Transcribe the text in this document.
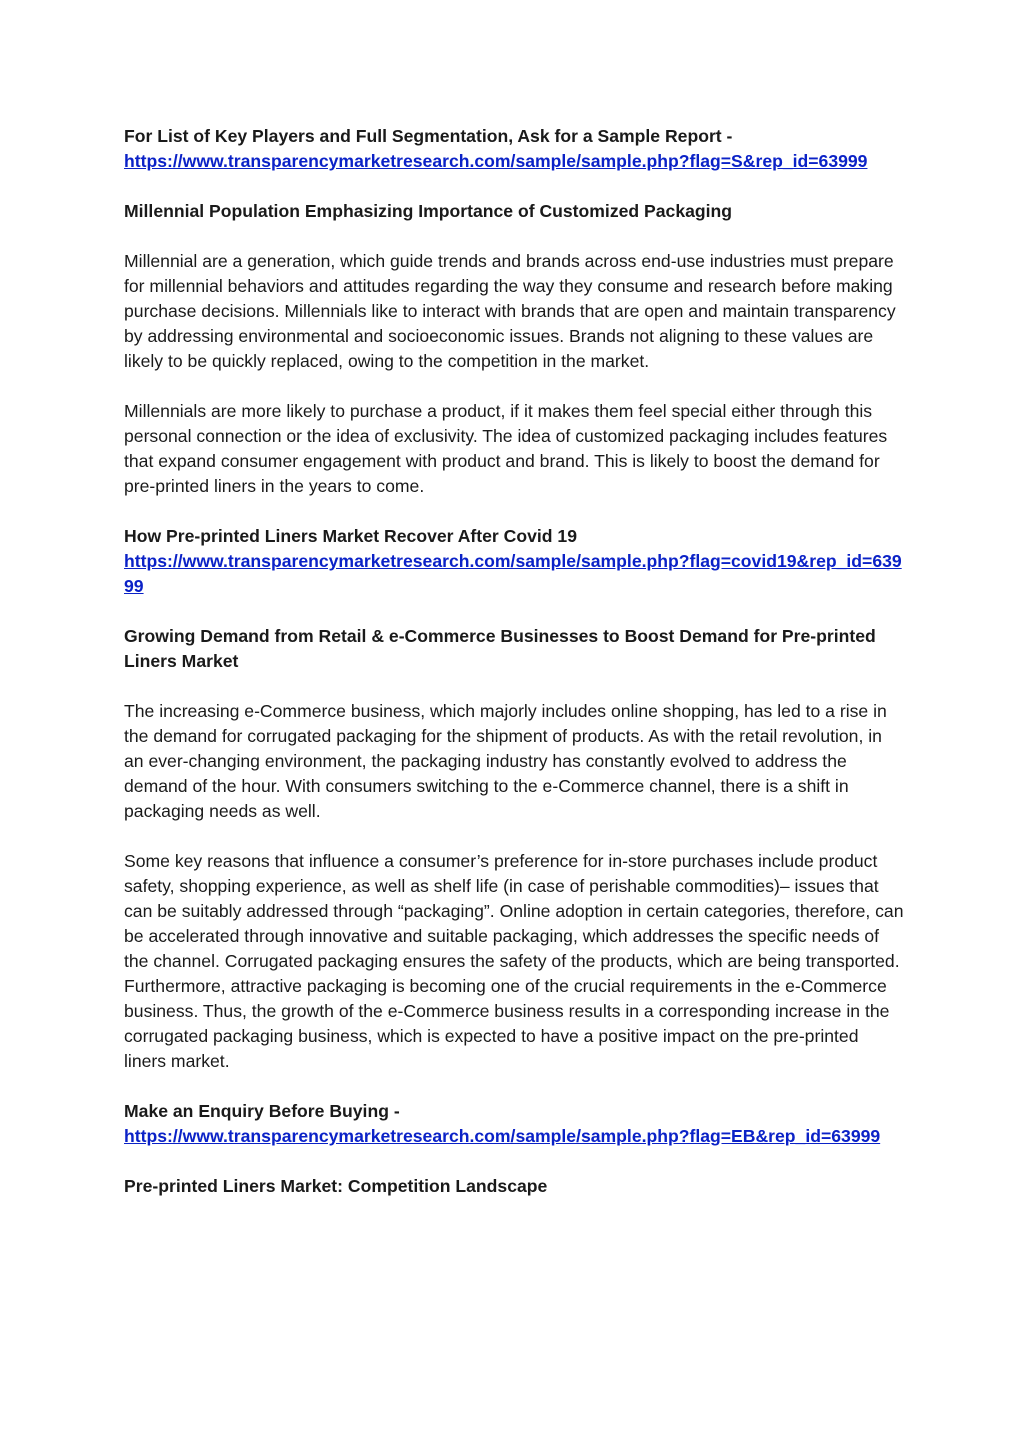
For List of Key Players and Full Segmentation, Ask for a Sample Report -
https://www.transparencymarketresearch.com/sample/sample.php?flag=S&rep_id=63999
Millennial Population Emphasizing Importance of Customized Packaging
Millennial are a generation, which guide trends and brands across end-use industries must prepare for millennial behaviors and attitudes regarding the way they consume and research before making purchase decisions. Millennials like to interact with brands that are open and maintain transparency by addressing environmental and socioeconomic issues. Brands not aligning to these values are likely to be quickly replaced, owing to the competition in the market.
Millennials are more likely to purchase a product, if it makes them feel special either through this personal connection or the idea of exclusivity. The idea of customized packaging includes features that expand consumer engagement with product and brand. This is likely to boost the demand for pre-printed liners in the years to come.
How Pre-printed Liners Market Recover After Covid 19
https://www.transparencymarketresearch.com/sample/sample.php?flag=covid19&rep_id=63999
Growing Demand from Retail & e-Commerce Businesses to Boost Demand for Pre-printed Liners Market
The increasing e-Commerce business, which majorly includes online shopping, has led to a rise in the demand for corrugated packaging for the shipment of products. As with the retail revolution, in an ever-changing environment, the packaging industry has constantly evolved to address the demand of the hour. With consumers switching to the e-Commerce channel, there is a shift in packaging needs as well.
Some key reasons that influence a consumer’s preference for in-store purchases include product safety, shopping experience, as well as shelf life (in case of perishable commodities)– issues that can be suitably addressed through “packaging”. Online adoption in certain categories, therefore, can be accelerated through innovative and suitable packaging, which addresses the specific needs of the channel. Corrugated packaging ensures the safety of the products, which are being transported. Furthermore, attractive packaging is becoming one of the crucial requirements in the e-Commerce business. Thus, the growth of the e-Commerce business results in a corresponding increase in the corrugated packaging business, which is expected to have a positive impact on the pre-printed liners market.
Make an Enquiry Before Buying -
https://www.transparencymarketresearch.com/sample/sample.php?flag=EB&rep_id=63999
Pre-printed Liners Market: Competition Landscape
